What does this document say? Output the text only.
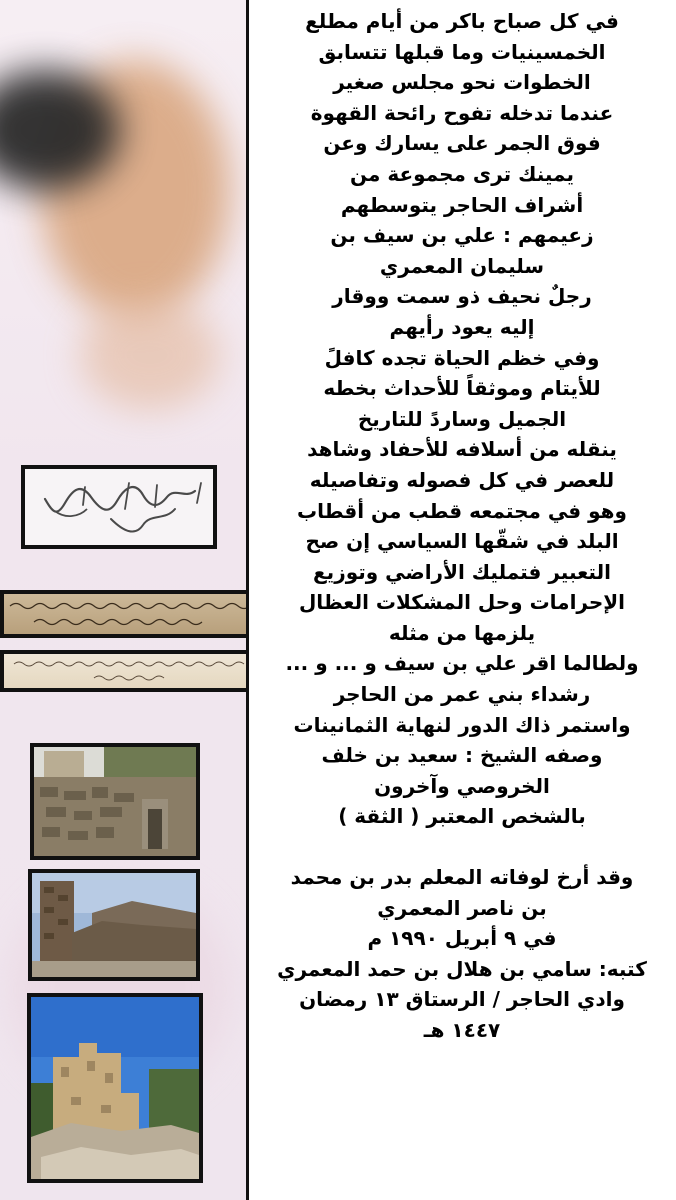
في كل صباح باكر من أيام مطلع
الخمسينيات وما قبلها تتسابق
الخطوات نحو مجلس صغير
عندما تدخله تفوح رائحة القهوة
فوق الجمر على يسارك وعن
يمينك ترى مجموعة من
أشراف الحاجر يتوسطهم
زعيمهم : علي بن سيف بن
سليمان المعمري
رجلٌ نحيف ذو سمت ووقار
إليه يعود رأيهم
وفي خظم الحياة تجده كافلً
للأيتام وموثقاً للأحداث بخطه
الجميل وساردً للتاريخ
ينقله من أسلافه للأحفاد وشاهد
للعصر في كل فصوله وتفاصيله
وهو في مجتمعه قطب من أقطاب
البلد في شقّها السياسي إن صح
التعبير فتمليك الأراضي وتوزيع
الإحرامات وحل المشكلات العظال
يلزمها من مثله
ولطالما اقر علي بن سيف و ... و ...
رشداء بني عمر من الحاجر
واستمر ذاك الدور لنهاية الثمانينات
وصفه الشيخ : سعيد بن خلف
الخروصي وآخرون
بالشخص المعتبر ( الثقة )
وقد أرخ لوفاته المعلم بدر بن محمد
بن ناصر المعمري
في ٩ أبريل ١٩٩٠ م
كتبه: سامي بن هلال بن حمد المعمري
وادي الحاجر / الرستاق ١٣ رمضان
١٤٤٧ هـ
